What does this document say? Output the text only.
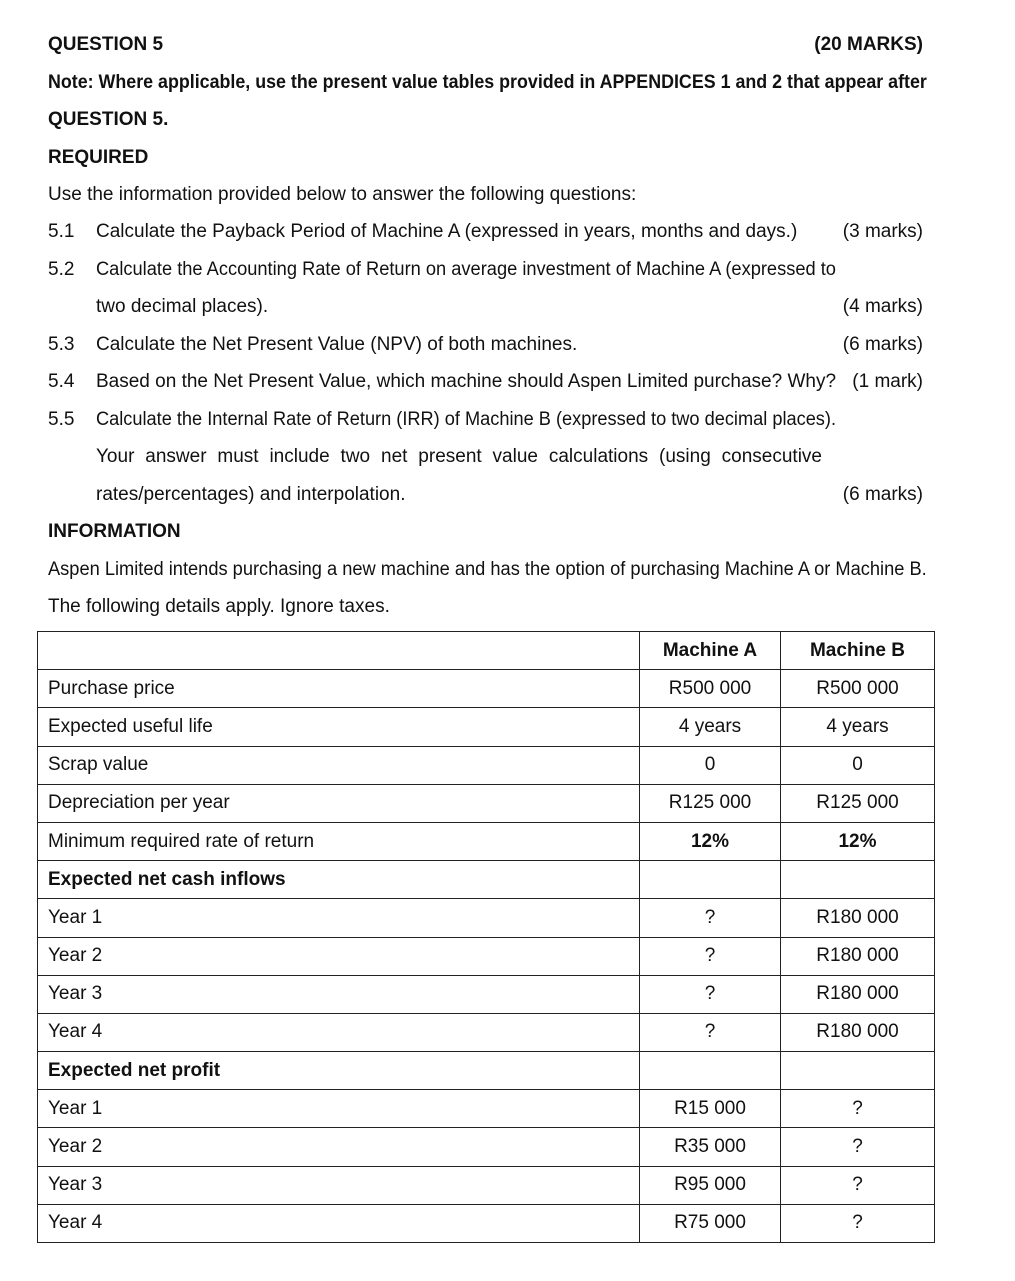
QUESTION 5	(20 MARKS)
Note: Where applicable, use the present value tables provided in APPENDICES 1 and 2 that appear after
QUESTION 5.
REQUIRED
Use the information provided below to answer the following questions:
5.1	Calculate the Payback Period of Machine A (expressed in years, months and days.) (3 marks)
5.2	Calculate the Accounting Rate of Return on average investment of Machine A (expressed to
two decimal places).	(4 marks)
5.3	Calculate the Net Present Value (NPV) of both machines.	(6 marks)
5.4	Based on the Net Present Value, which machine should Aspen Limited purchase? Why? (1 mark)
5.5	Calculate the Internal Rate of Return (IRR) of Machine B (expressed to two decimal places).
Your answer must include two net present value calculations (using consecutive
rates/percentages) and interpolation.	(6 marks)
INFORMATION
Aspen Limited intends purchasing a new machine and has the option of purchasing Machine A or Machine B.
The following details apply. Ignore taxes.
	Machine A	Machine B
Purchase price	R500 000	R500 000
Expected useful life	4 years	4 years
Scrap value	0	0
Depreciation per year	R125 000	R125 000
Minimum required rate of return	12%	12%
Expected net cash inflows		
Year 1	?	R180 000
Year 2	?	R180 000
Year 3	?	R180 000
Year 4	?	R180 000
Expected net profit		
Year 1	R15 000	?
Year 2	R35 000	?
Year 3	R95 000	?
Year 4	R75 000	?
